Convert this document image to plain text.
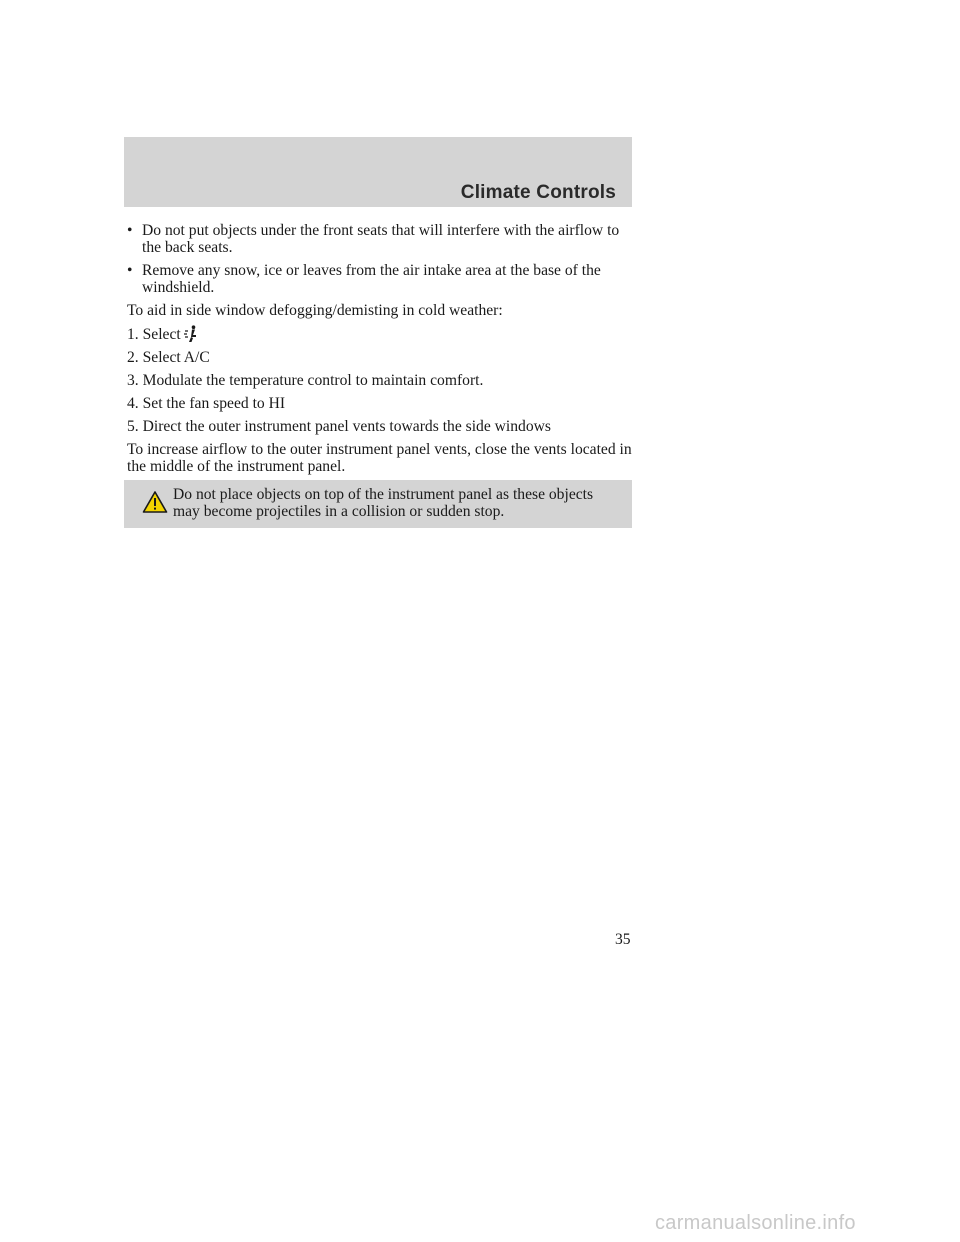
Climate Controls
• Do not put objects under the front seats that will interfere with the airflow to the back seats.
• Remove any snow, ice or leaves from the air intake area at the base of the windshield.

To aid in side window defogging/demisting in cold weather:

1. Select
2. Select A/C
3. Modulate the temperature control to maintain comfort.
4. Set the fan speed to HI
5. Direct the outer instrument panel vents towards the side windows

To increase airflow to the outer instrument panel vents, close the vents located in the middle of the instrument panel.

Do not place objects on top of the instrument panel as these objects may become projectiles in a collision or sudden stop.
35
carmanualsonline.info
